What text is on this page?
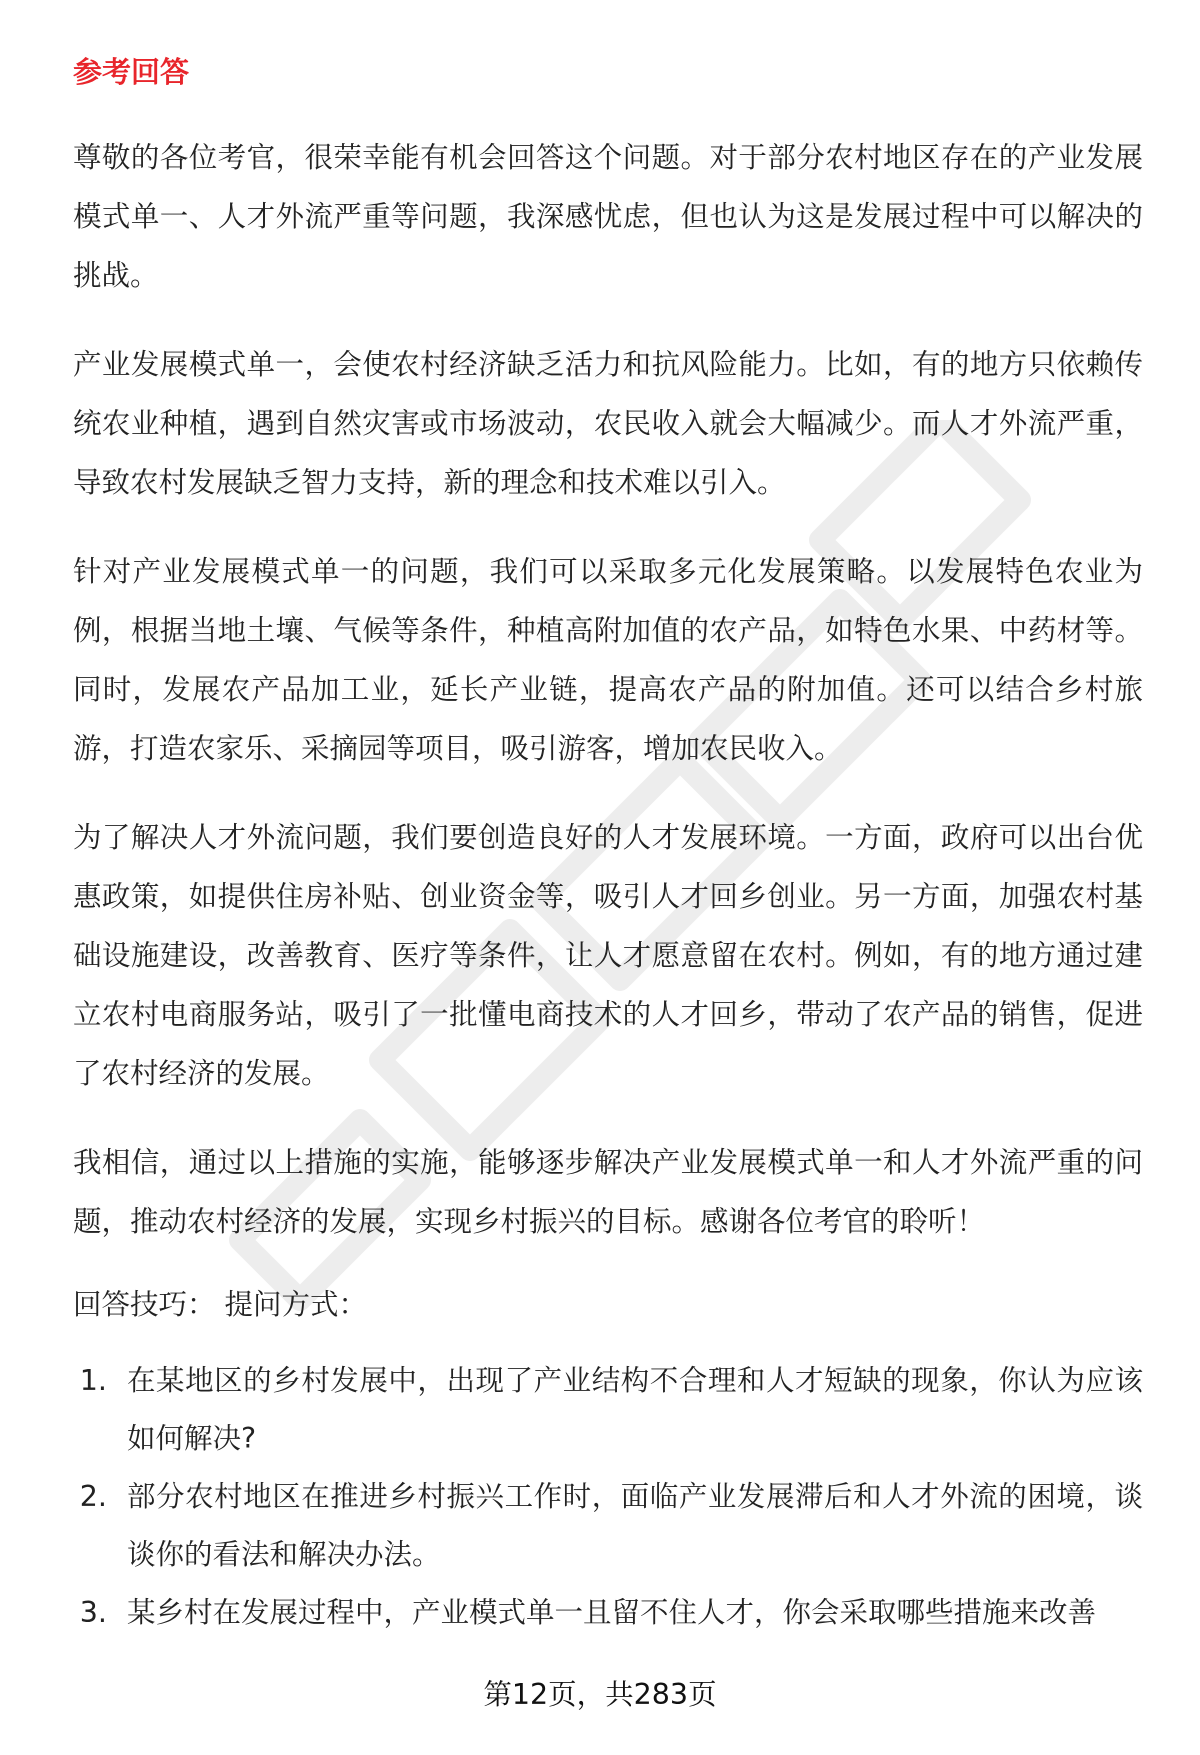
参考回答

尊敬的各位考官，很荣幸能有机会回答这个问题。对于部分农村地区存在的产业发展模式单一、人才外流严重等问题，我深感忧虑，但也认为这是发展过程中可以解决的挑战。

产业发展模式单一，会使农村经济缺乏活力和抗风险能力。比如，有的地方只依赖传统农业种植，遇到自然灾害或市场波动，农民收入就会大幅减少。而人才外流严重，导致农村发展缺乏智力支持，新的理念和技术难以引入。

针对产业发展模式单一的问题，我们可以采取多元化发展策略。以发展特色农业为例，根据当地土壤、气候等条件，种植高附加值的农产品，如特色水果、中药材等。同时，发展农产品加工业，延长产业链，提高农产品的附加值。还可以结合乡村旅游，打造农家乐、采摘园等项目，吸引游客，增加农民收入。

为了解决人才外流问题，我们要创造良好的人才发展环境。一方面，政府可以出台优惠政策，如提供住房补贴、创业资金等，吸引人才回乡创业。另一方面，加强农村基础设施建设，改善教育、医疗等条件，让人才愿意留在农村。例如，有的地方通过建立农村电商服务站，吸引了一批懂电商技术的人才回乡，带动了农产品的销售，促进了农村经济的发展。

我相信，通过以上措施的实施，能够逐步解决产业发展模式单一和人才外流严重的问题，推动农村经济的发展，实现乡村振兴的目标。感谢各位考官的聆听！

回答技巧： 提问方式：
1. 在某地区的乡村发展中，出现了产业结构不合理和人才短缺的现象，你认为应该如何解决?
2. 部分农村地区在推进乡村振兴工作时，面临产业发展滞后和人才外流的困境，谈谈你的看法和解决办法。
3. 某乡村在发展过程中，产业模式单一且留不住人才，你会采取哪些措施来改善
第12页，共283页
